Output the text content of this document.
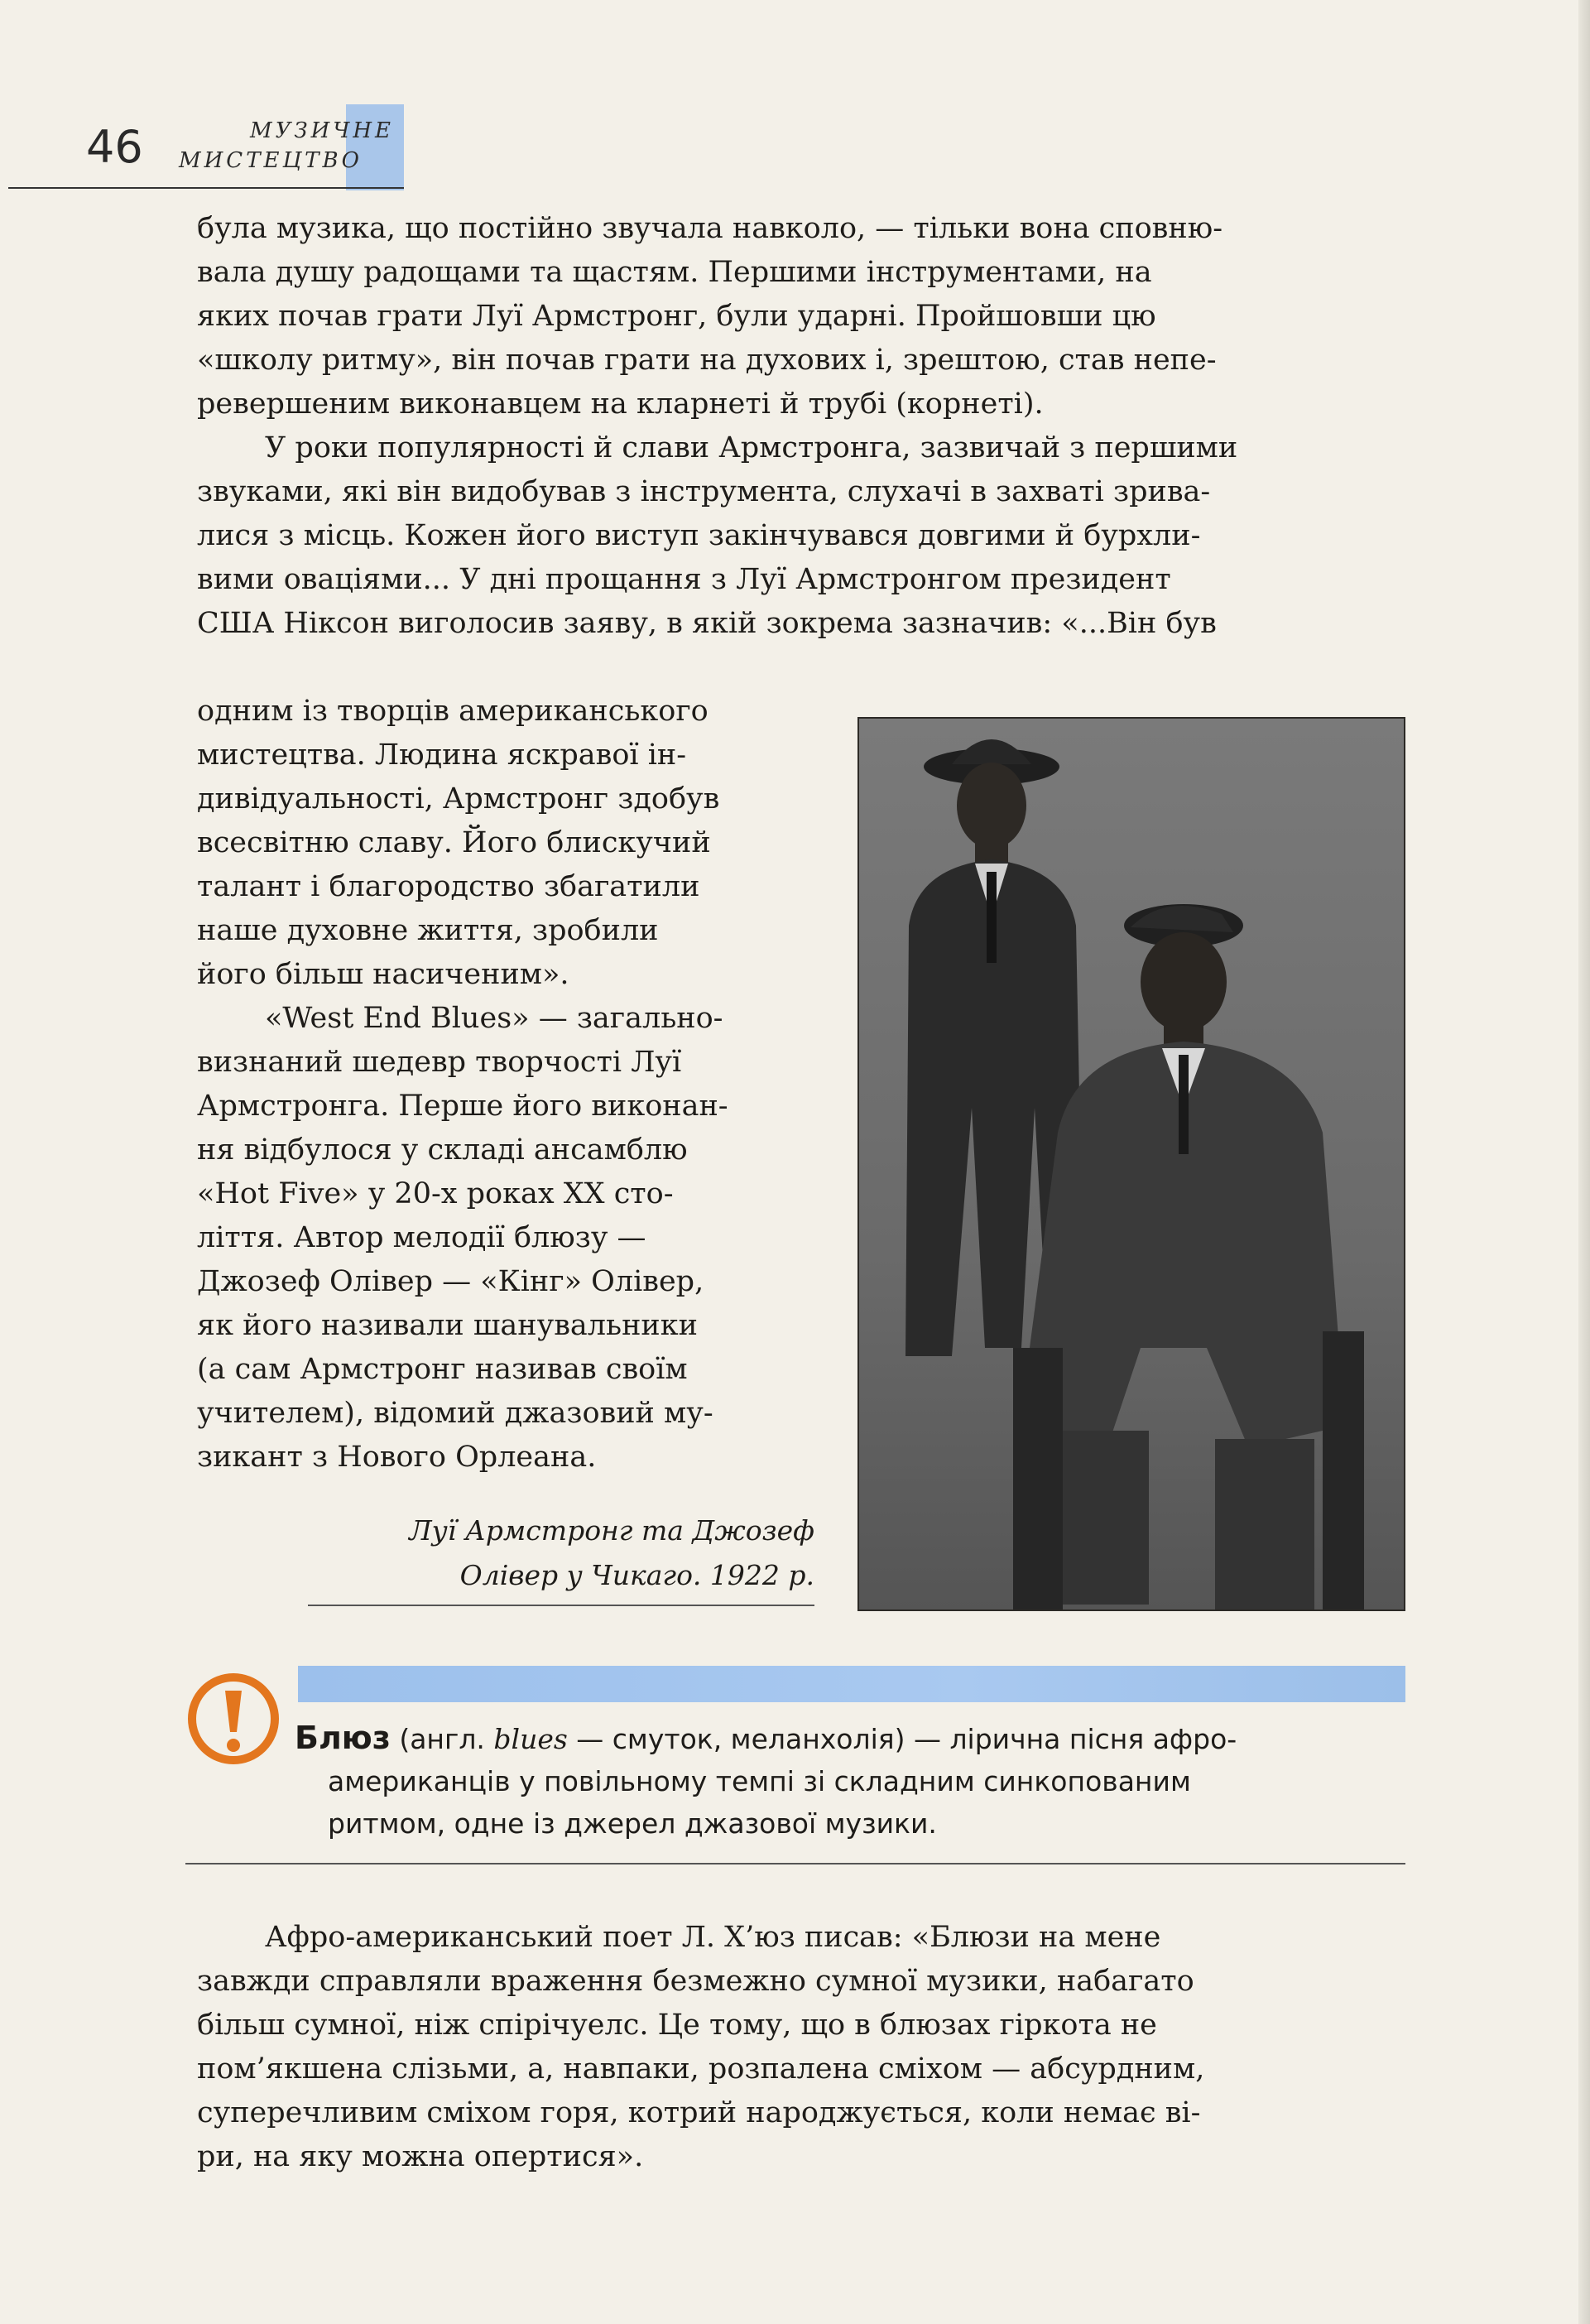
46	МУЗИЧНЕ
МИСТЕЦТВО

була музика, що постійно звучала навколо, — тільки вона сповню-
вала душу радощами та щастям. Першими інструментами, на
яких почав грати Луї Армстронг, були ударні. Пройшовши цю
«школу ритму», він почав грати на духових і, зрештою, став непе-
ревершеним виконавцем на кларнеті й трубі (корнеті).

У роки популярності й слави Армстронга, зазвичай з першими
звуками, які він видобував з інструмента, слухачі в захваті зрива-
лися з місць. Кожен його виступ закінчувався довгими й бурхли-
вими оваціями... У дні прощання з Луї Армстронгом президент
США Ніксон виголосив заяву, в якій зокрема зазначив: «...Він був

одним із творців американського
мистецтва. Людина яскравої ін-
дивідуальності, Армстронг здобув
всесвітню славу. Його блискучий
талант і благородство збагатили
наше духовне життя, зробили
його більш насиченим».
«West End Blues» — загально-
визнаний шедевр творчості Луї
Армстронга. Перше його виконан-
ня відбулося у складі ансамблю
«Hot Five» у 20-х роках XX сто-
ліття. Автор мелодії блюзу —
Джозеф Олівер — «Кінг» Олівер,
як його називали шанувальники
(а сам Армстронг називав своїм
учителем), відомий джазовий му-
зикант з Нового Орлеана.

Луї Армстронг та Джозеф
Олівер у Чикаго. 1922 р.

Блюз (англ. blues — смуток, меланхолія) — лірична пісня афро-
американців у повільному темпі зі складним синкопованим
ритмом, одне із джерел джазової музики.

Афро-американський поет Л. Х’юз писав: «Блюзи на мене
завжди справляли враження безмежно сумної музики, набагато
більш сумної, ніж спірічуелс. Це тому, що в блюзах гіркота не
пом’якшена слізьми, а, навпаки, розпалена сміхом — абсурдним,
суперечливим сміхом горя, котрий народжується, коли немає ві-
ри, на яку можна опертися».
